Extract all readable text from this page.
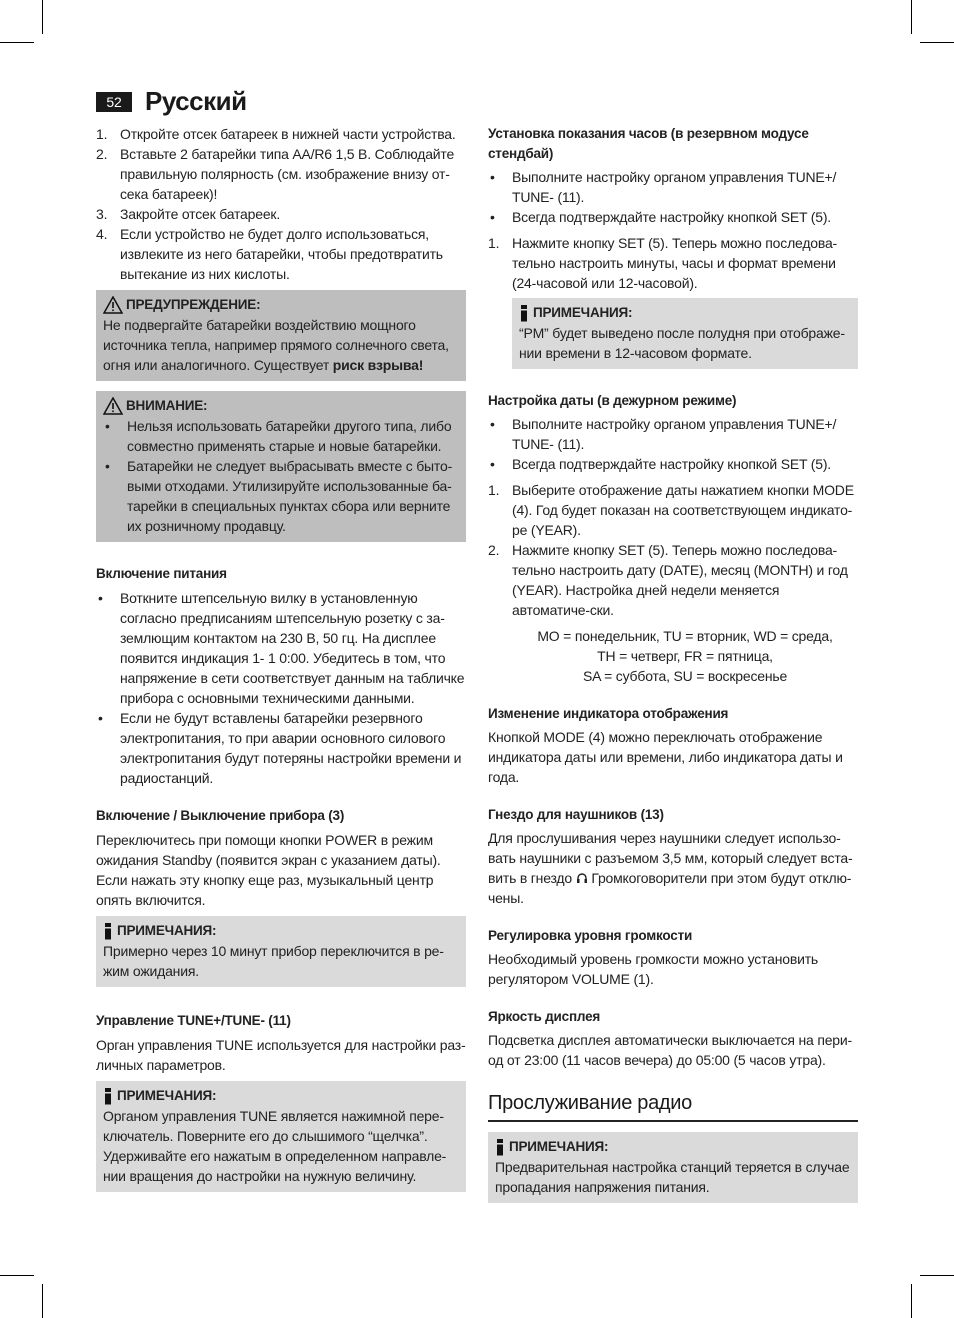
52 Русский
1. Откройте отсек батареек в нижней части устройства.
2. Вставьте 2 батарейки типа AA/R6 1,5 В. Соблюдайте правильную полярность (см. изображение внизу от-сека батареек)!
3. Закройте отсек батареек.
4. Если устройство не будет долго использоваться, извлеките из него батарейки, чтобы предотвратить вытекание из них кислоты.
ПРЕДУПРЕЖДЕНИЕ:

Не подвергайте батарейки воздействию мощного источника тепла, например прямого солнечного света, огня или аналогичного. Существует риск взрыва!

ВНИМАНИЕ:
• Нельзя использовать батарейки другого типа, либо совместно применять старые и новые батарейки.
• Батарейки не следует выбрасывать вместе с быто-выми отходами. Утилизируйте использованные ба-тарейки в специальных пунктах сбора или верните их розничному продавцу.
Включение питания
• Воткните штепсельную вилку в установленную согласно предписаниям штепсельную розетку с за-землющим контактом на 230 В, 50 гц. На дисплее появится индикация 1- 1 0:00. Убедитесь в том, что напряжение в сети соответствует данным на табличке прибора с основными техническими данными.
• Если не будут вставлены батарейки резервного электропитания, то при аварии основного силового электропитания будут потеряны настройки времени и радиостанций.
Включение / Выключение прибора (3)

Переключитесь при помощи кнопки POWER в режим ожидания Standby (появится экран с указанием даты). Если нажать эту кнопку еще раз, музыкальный центр опять включится.

ПРИМЕЧАНИЯ:

Примерно через 10 минут прибор переключится в ре-жим ожидания.

Управление TUNE+/TUNE- (11)

Орган управления TUNE используется для настройки раз-личных параметров.

ПРИМЕЧАНИЯ:

Органом управления TUNE является нажимной пере-ключатель. Поверните его до слышимого “щелчка”. Удерживайте его нажатым в определенном направле-нии вращения до настройки на нужную величину.

Установка показания часов (в резервном модусе стендбай)
• Выполните настройку органом управления TUNE+/ TUNE- (11).
• Всегда подтверждайте настройку кнопкой SET (5).
1. Нажмите кнопку SET (5). Теперь можно последова-тельно настроить минуты, часы и формат времени (24-часовой или 12-часовой).
ПРИМЕЧАНИЯ:

“PM” будет выведено после полудня при отображе-нии времени в 12-часовом формате.

Настройка даты (в дежурном режиме)
• Выполните настройку органом управления TUNE+/ TUNE- (11).
• Всегда подтверждайте настройку кнопкой SET (5).
1. Выберите отображение даты нажатием кнопки MODE (4). Год будет показан на соответствующем индикато-ре (YEAR).
2. Нажмите кнопку SET (5). Теперь можно последова-тельно настроить дату (DATE), месяц (MONTH) и год (YEAR). Настройка дней недели меняется автоматиче-ски.
MO = понедельник, TU = вторник, WD = среда,
TH = четверг, FR = пятница,
SA = суббота, SU = воскресенье
Изменение индикатора отображения

Кнопкой MODE (4) можно переключать отображение индикатора даты или времени, либо индикатора даты и года.

Гнездо для наушников (13)

Для прослушивания через наушники следует использо-вать наушники с разъемом 3,5 мм, который следует вста-вить в гнездо  Громкоговорители при этом будут отклю-чены.

Регулировка уровня громкости

Необходимый уровень громкости можно установить регулятором VOLUME (1).

Яркость дисплея

Подсветка дисплея автоматически выключается на пери-од от 23:00 (11 часов вечера) до 05:00 (5 часов утра).

Прослуживание радио
ПРИМЕЧАНИЯ:

Предварительная настройка станций теряется в случае пропадания напряжения питания.
